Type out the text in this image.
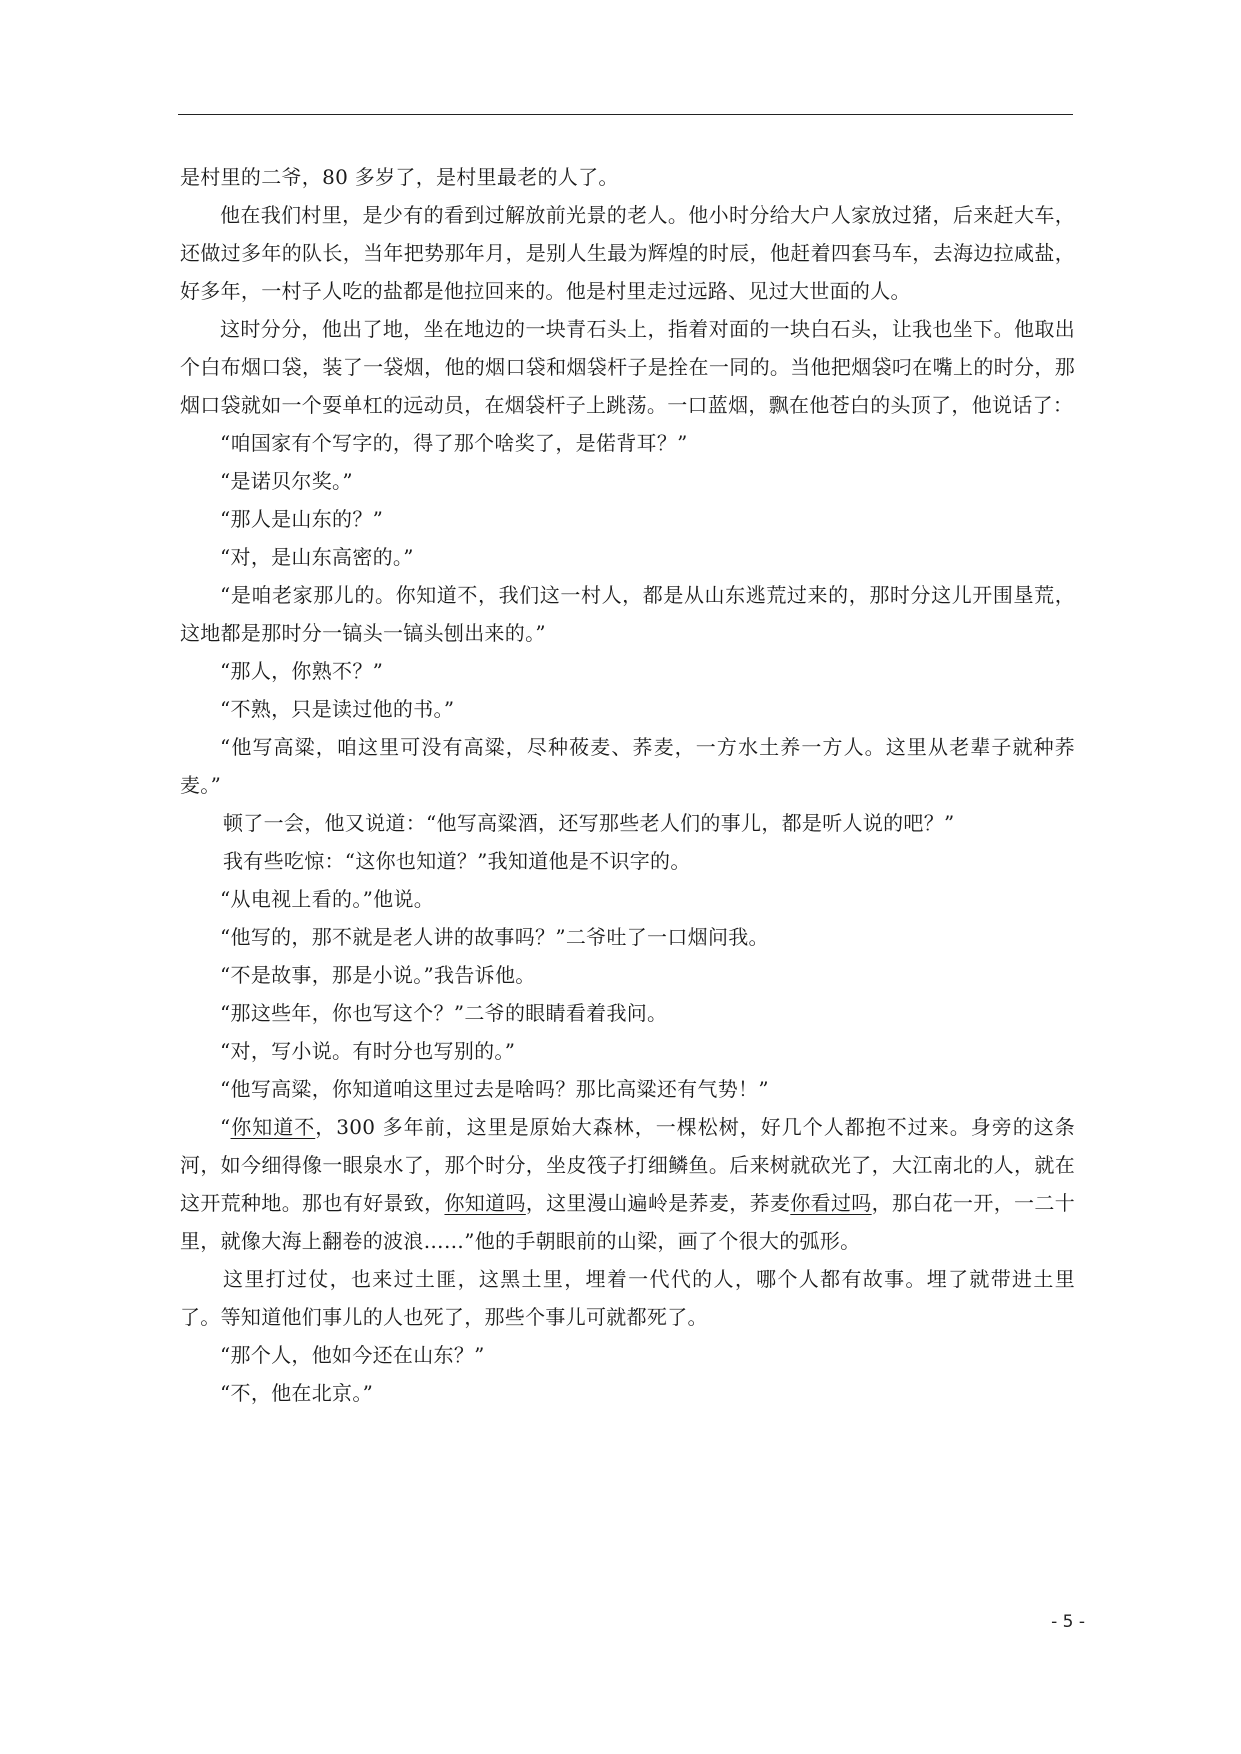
是村里的二爷，80 多岁了，是村里最老的人了。

他在我们村里，是少有的看到过解放前光景的老人。他小时分给大户人家放过猪，后来赶大车，还做过多年的队长，当年把势那年月，是别人生最为辉煌的时辰，他赶着四套马车，去海边拉咸盐，好多年，一村子人吃的盐都是他拉回来的。他是村里走过远路、见过大世面的人。

这时分分，他出了地，坐在地边的一块青石头上，指着对面的一块白石头，让我也坐下。他取出个白布烟口袋，装了一袋烟，他的烟口袋和烟袋杆子是拴在一同的。当他把烟袋叼在嘴上的时分，那烟口袋就如一个耍单杠的远动员，在烟袋杆子上跳荡。一口蓝烟，飘在他苍白的头顶了，他说话了：

“咱国家有个写字的，得了那个啥奖了，是偌背耳？”

“是诺贝尔奖。”

“那人是山东的？”

“对，是山东高密的。”

“是咱老家那儿的。你知道不，我们这一村人，都是从山东逃荒过来的，那时分这儿开围垦荒，这地都是那时分一镐头一镐头刨出来的。”

“那人，你熟不？”

“不熟，只是读过他的书。”

“他写高粱，咱这里可没有高粱，尽种莜麦、荞麦，一方水土养一方人。这里从老辈子就种荞麦。”

顿了一会，他又说道：“他写高粱酒，还写那些老人们的事儿，都是听人说的吧？”

我有些吃惊：“这你也知道？”我知道他是不识字的。

“从电视上看的。”他说。

“他写的，那不就是老人讲的故事吗？”二爷吐了一口烟问我。

“不是故事，那是小说。”我告诉他。

“那这些年，你也写这个？”二爷的眼睛看着我问。

“对，写小说。有时分也写别的。”

“他写高粱，你知道咱这里过去是啥吗？那比高粱还有气势！”

“你知道不，300 多年前，这里是原始大森林，一棵松树，好几个人都抱不过来。身旁的这条河，如今细得像一眼泉水了，那个时分，坐皮筏子打细鳞鱼。后来树就砍光了，大江南北的人，就在这开荒种地。那也有好景致，你知道吗，这里漫山遍岭是荞麦，荞麦你看过吗，那白花一开，一二十里，就像大海上翻卷的波浪……”他的手朝眼前的山梁，画了个很大的弧形。

这里打过仗，也来过土匪，这黑土里，埋着一代代的人，哪个人都有故事。埋了就带进土里了。等知道他们事儿的人也死了，那些个事儿可就都死了。

“那个人，他如今还在山东？”

“不，他在北京。”

- 5 -
